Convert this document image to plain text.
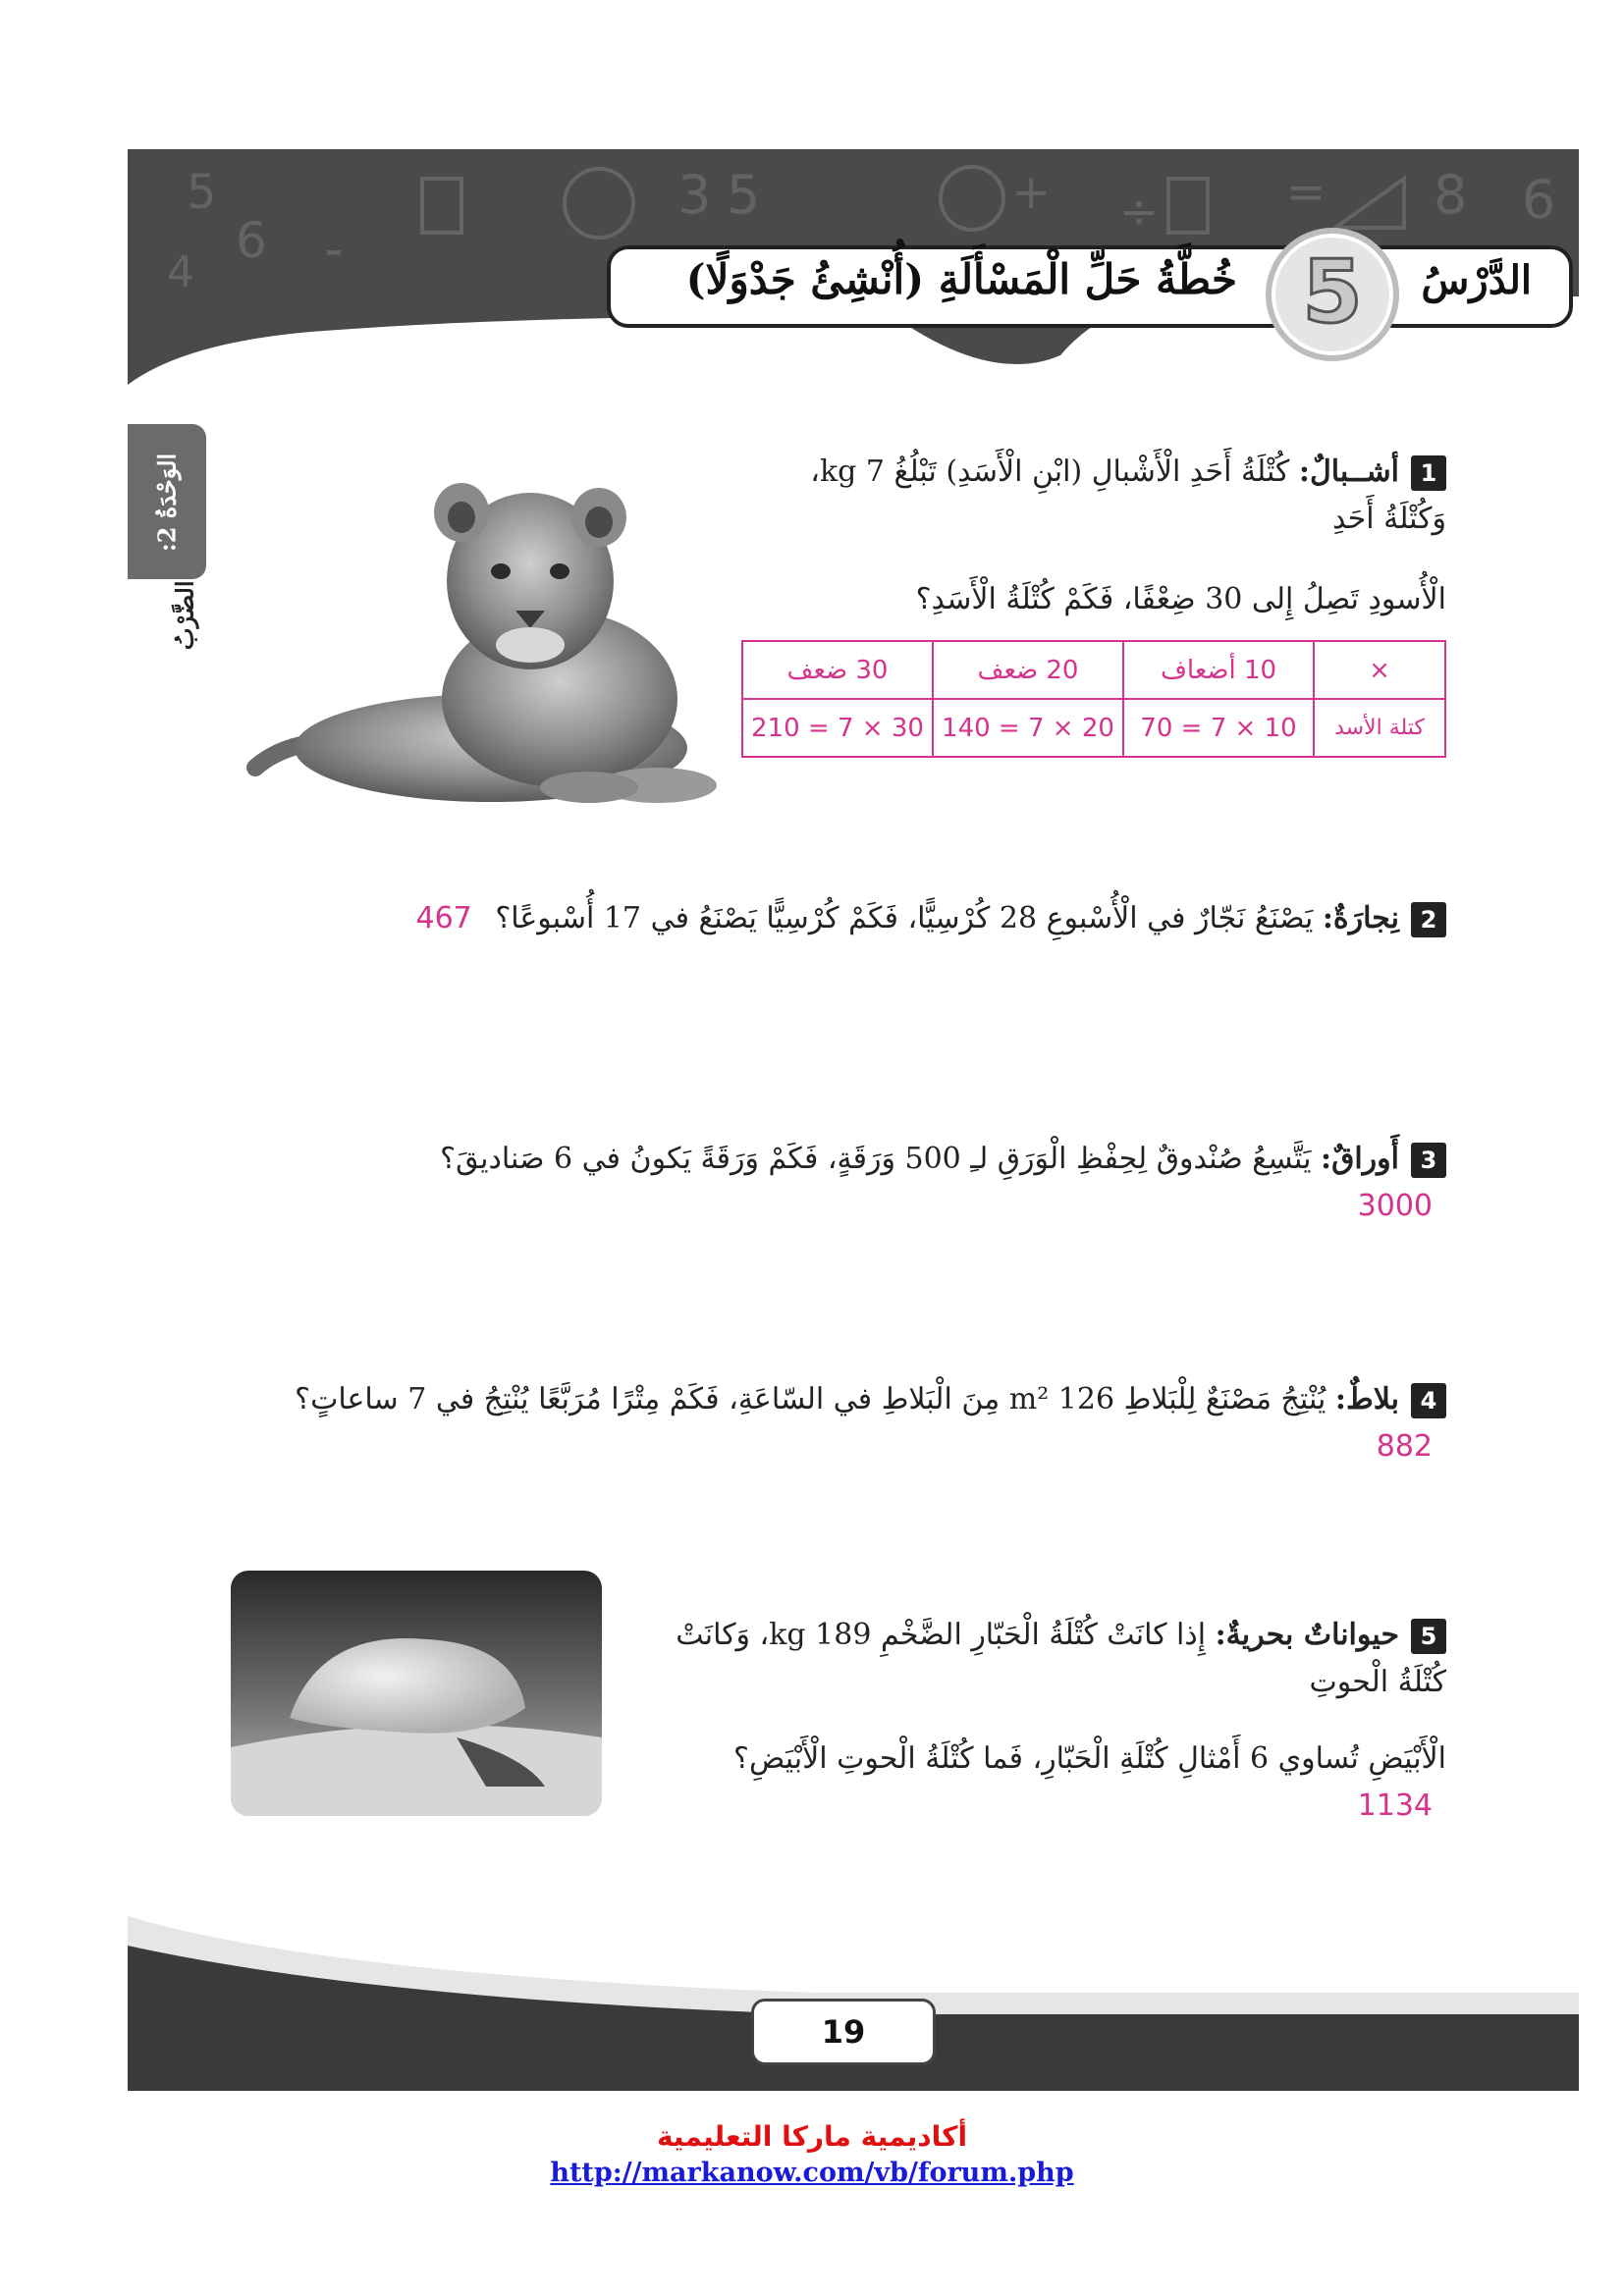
5
4
6 -
3 5	+ ÷	= 8 6
الدَّرْسُ
5
خُطَّةُ حَلِّ الْمَسْأَلَةِ (أُنْشِئُ جَدْوَلًا)
الوَحْدَةُ 2:
الضَّرْبُ
1أشــبالٌ: كُتْلَةُ أَحَدِ الْأَشْبالِ (ابْنِ الْأَسَدِ) تَبْلُغُ 7 kg، وَكُتْلَةُ أَحَدِ
الْأُسودِ تَصِلُ إِلى 30 ضِعْفًا، فَكَمْ كُتْلَةُ الْأَسَدِ؟
×	10 أضعاف	20 ضعف	30 ضعف
كتلة الأسد	10 × 7 = 70	20 × 7 = 140	30 × 7 = 210
2نِجارَةٌ: يَصْنَعُ نَجّارٌ في الْأُسْبوعِ 28 كُرْسِيًّا، فَكَمْ كُرْسِيًّا يَصْنَعُ في 17 أُسْبوعًا؟ 467
3أَوراقٌ: يَتَّسِعُ صُنْدوقٌ لِحِفْظِ الْوَرَقِ لـِ 500 وَرَقَةٍ، فَكَمْ وَرَقَةً يَكونُ في 6 صَناديقَ؟ 3000
4بلاطٌ: يُنْتِجُ مَصْنَعٌ لِلْبَلاطِ 126 m² مِنَ الْبَلاطِ في السّاعَةِ، فَكَمْ مِتْرًا مُرَبَّعًا يُنْتِجُ في 7 ساعاتٍ؟ 882
5حيواناتٌ بحريةٌ: إِذا كانَتْ كُتْلَةُ الْحَبّارِ الضَّخْمِ 189 kg، وَكانَتْ كُتْلَةُ الْحوتِ
الْأَبْيَضِ تُساوي 6 أَمْثالِ كُتْلَةِ الْحَبّارِ، فَما كُتْلَةُ الْحوتِ الْأَبْيَضِ؟ 1134
19
أكاديمية ماركا التعليمية
http://markanow.com/vb/forum.php
